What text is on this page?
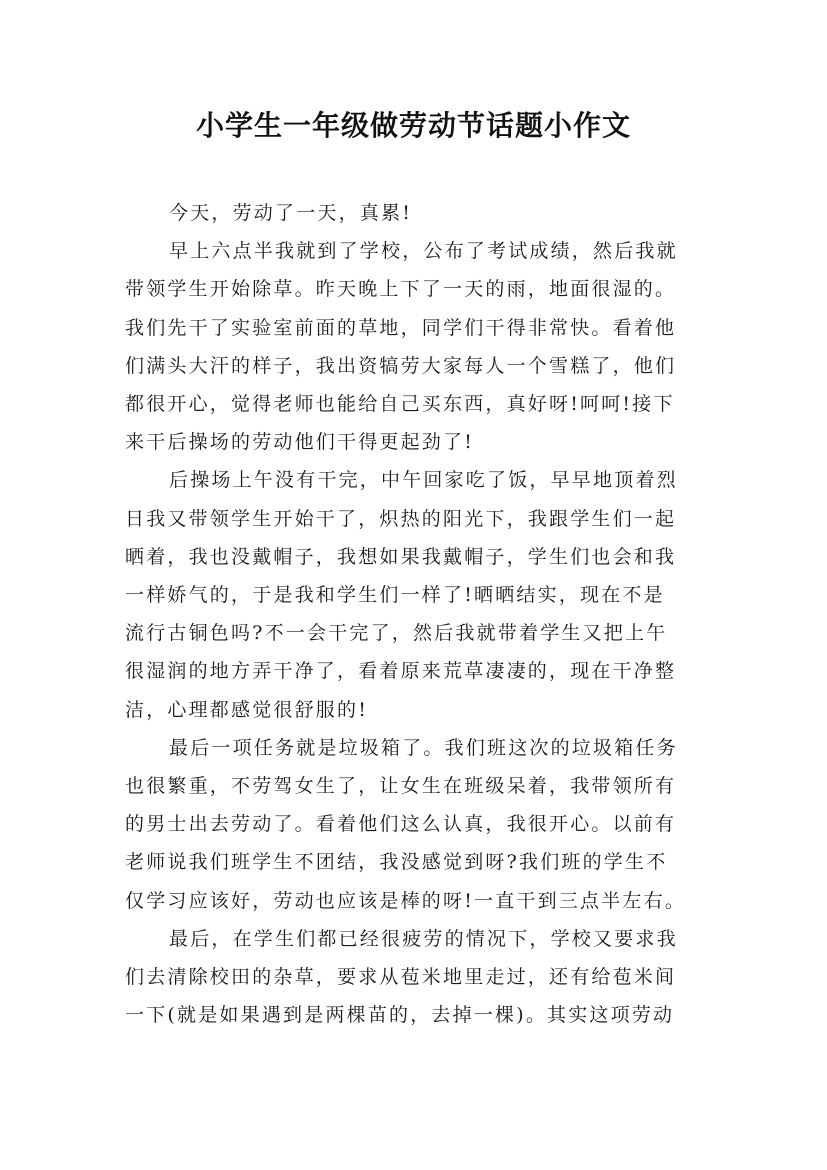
小学生一年级做劳动节话题小作文
今天，劳动了一天，真累!
早上六点半我就到了学校，公布了考试成绩，然后我就
带领学生开始除草。昨天晚上下了一天的雨，地面很湿的。
我们先干了实验室前面的草地，同学们干得非常快。看着他
们满头大汗的样子，我出资犒劳大家每人一个雪糕了，他们
都很开心，觉得老师也能给自己买东西，真好呀!呵呵!接下
来干后操场的劳动他们干得更起劲了!
后操场上午没有干完，中午回家吃了饭，早早地顶着烈
日我又带领学生开始干了，炽热的阳光下，我跟学生们一起
晒着，我也没戴帽子，我想如果我戴帽子，学生们也会和我
一样娇气的，于是我和学生们一样了!晒晒结实，现在不是
流行古铜色吗?不一会干完了，然后我就带着学生又把上午
很湿润的地方弄干净了，看着原来荒草凄凄的，现在干净整
洁，心理都感觉很舒服的!
最后一项任务就是垃圾箱了。我们班这次的垃圾箱任务
也很繁重，不劳驾女生了，让女生在班级呆着，我带领所有
的男士出去劳动了。看着他们这么认真，我很开心。以前有
老师说我们班学生不团结，我没感觉到呀?我们班的学生不
仅学习应该好，劳动也应该是棒的呀!一直干到三点半左右。
最后，在学生们都已经很疲劳的情况下，学校又要求我
们去清除校田的杂草，要求从苞米地里走过，还有给苞米间
一下(就是如果遇到是两棵苗的，去掉一棵)。其实这项劳动
